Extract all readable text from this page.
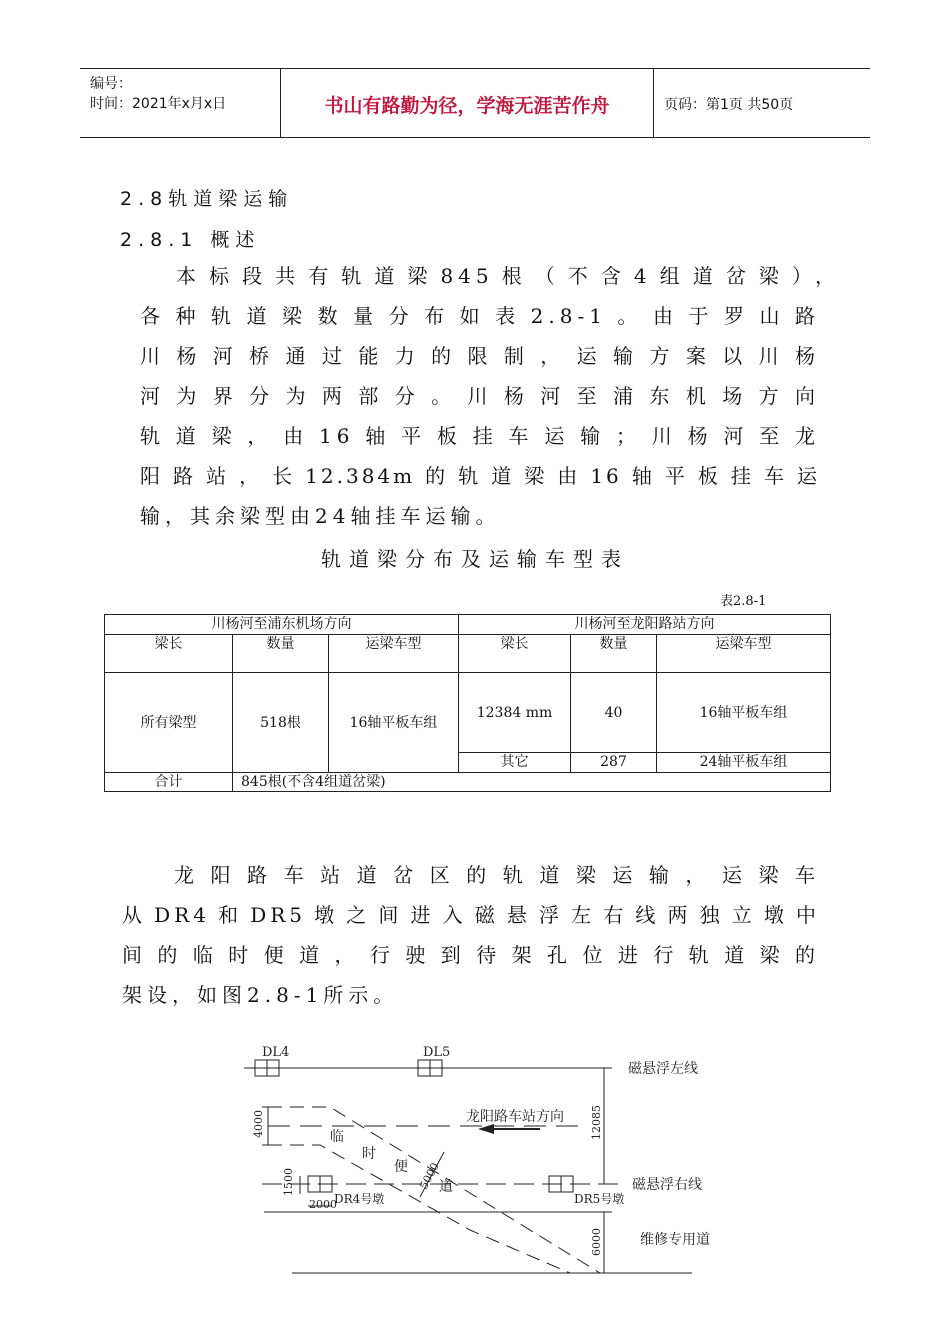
编号：
时间：2021年x月x日	书山有路勤为径，学海无涯苦作舟	页码：第1页 共50页
2.8轨道梁运输
2.8.1 概述
本标段共有轨道梁845根（不含4组道岔梁），
各种轨道梁数量分布如表2.8-1。由于罗山路
川杨河桥通过能力的限制，运输方案以川杨
河为界分为两部分。川杨河至浦东机场方向
轨道梁，由16轴平板挂车运输；川杨河至龙
阳路站，长12.384m的轨道梁由16轴平板挂车运
输，其余梁型由24轴挂车运输。
轨道梁分布及运输车型表
表2.8-1
川杨河至浦东机场方向			川杨河至龙阳路站方向		
梁长	数量	运梁车型	梁长	数量	运梁车型
所有梁型	518根	16轴平板车组	12384 mm	40	16轴平板车组
			其它	287	24轴平板车组
合计	845根(不含4组道岔梁)				
龙阳路车站道岔区的轨道梁运输，运梁车
从DR4和DR5墩之间进入磁悬浮左右线两独立墩中
间的临时便道，行驶到待架孔位进行轨道梁的
架设，如图2.8-1所示。
DL4	DL5
磁悬浮左线
龙阳路车站方向
磁悬浮右线
维修专用道
临
时
便
道
DR4号墩	DR5号墩
2000
4000	12085
1500	5000
6000
